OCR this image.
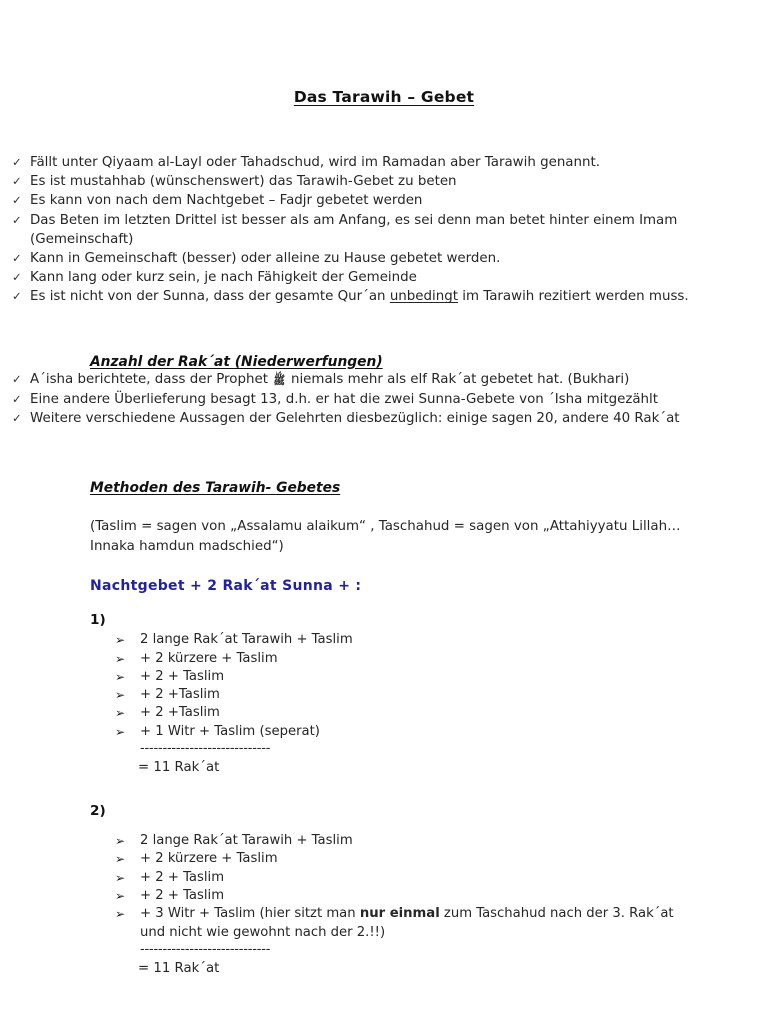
Das Tarawih – Gebet
✓ Fällt unter Qiyaam al-Layl oder Tahadschud, wird im Ramadan aber Tarawih genannt.
✓ Es ist mustahhab (wünschenswert) das Tarawih-Gebet zu beten
✓ Es kann von nach dem Nachtgebet – Fadjr gebetet werden
✓ Das Beten im letzten Drittel ist besser als am Anfang, es sei denn man betet hinter einem Imam (Gemeinschaft)
✓ Kann in Gemeinschaft (besser) oder alleine zu Hause gebetet werden.
✓ Kann lang oder kurz sein, je nach Fähigkeit der Gemeinde
✓ Es ist nicht von der Sunna, dass der gesamte Qur´an unbedingt im Tarawih rezitiert werden muss.
Anzahl der Rak´at (Niederwerfungen)
✓ A´isha berichtete, dass der Prophet ﷺ niemals mehr als elf Rak´at gebetet hat. (Bukhari)
✓ Eine andere Überlieferung besagt 13, d.h. er hat die zwei Sunna-Gebete von ´Isha mitgezählt
✓ Weitere verschiedene Aussagen der Gelehrten diesbezüglich: einige sagen 20, andere 40 Rak´at
Methoden des Tarawih- Gebetes
(Taslim = sagen von „Assalamu alaikum“ , Taschahud = sagen von „Attahiyyatu Lillah…Innaka hamdun madschied“)
Nachtgebet + 2 Rak´at Sunna + :
1)
➢ 2 lange Rak´at Tarawih + Taslim
➢ + 2 kürzere + Taslim
➢ + 2 + Taslim
➢ + 2 +Taslim
➢ + 2 +Taslim
➢ + 1 Witr + Taslim (seperat)
-----------------------------
= 11 Rak´at
2)
➢ 2 lange Rak´at Tarawih + Taslim
➢ + 2 kürzere + Taslim
➢ + 2 + Taslim
➢ + 2 + Taslim
➢ + 3 Witr + Taslim (hier sitzt man nur einmal zum Taschahud nach der 3. Rak´at und nicht wie gewohnt nach der 2.!!)
-----------------------------
= 11 Rak´at
